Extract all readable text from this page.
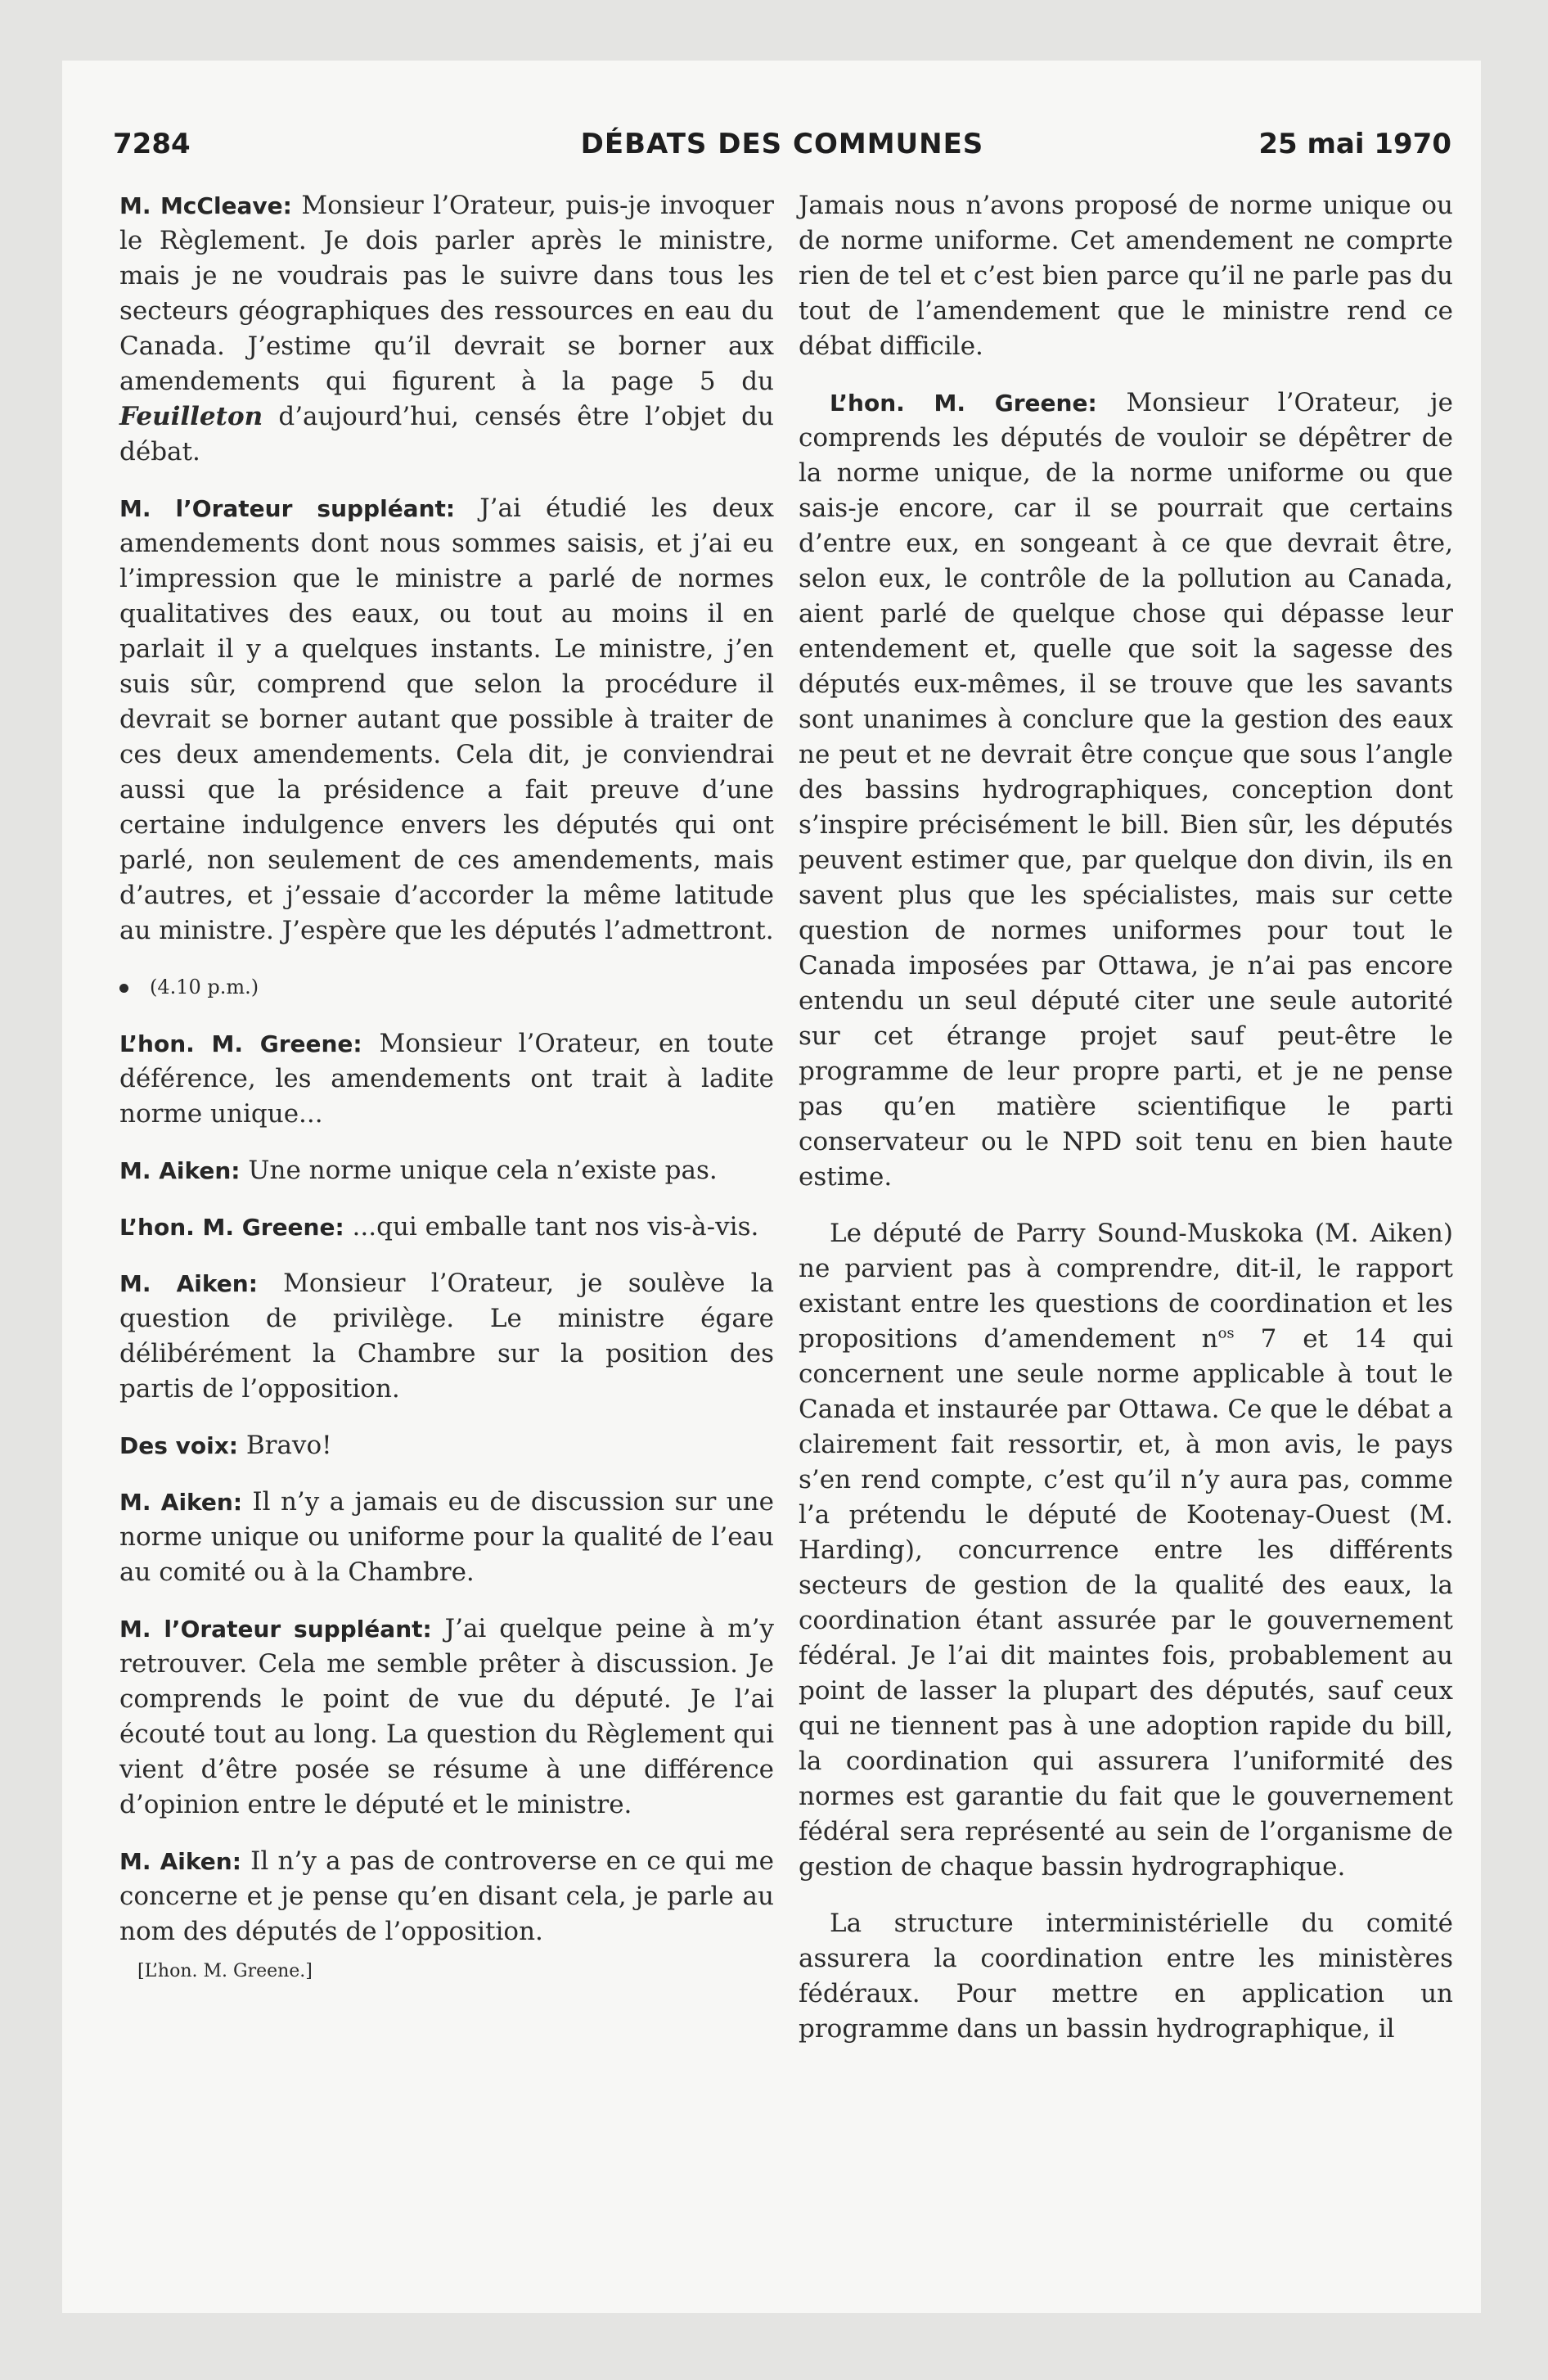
7284	DÉBATS DES COMMUNES	25 mai 1970

M. McCleave: Monsieur l’Orateur, puis-je invoquer le Règlement. Je dois parler après le ministre, mais je ne voudrais pas le suivre dans tous les secteurs géographiques des ressources en eau du Canada. J’estime qu’il devrait se borner aux amendements qui figurent à la page 5 du Feuilleton d’aujourd’hui, censés être l’objet du débat.

M. l’Orateur suppléant: J’ai étudié les deux amendements dont nous sommes saisis, et j’ai eu l’impression que le ministre a parlé de normes qualitatives des eaux, ou tout au moins il en parlait il y a quelques instants. Le ministre, j’en suis sûr, comprend que selon la procédure il devrait se borner autant que possible à traiter de ces deux amendements. Cela dit, je conviendrai aussi que la présidence a fait preuve d’une certaine indulgence envers les députés qui ont parlé, non seulement de ces amendements, mais d’autres, et j’essaie d’accorder la même latitude au ministre. J’espère que les députés l’admettront.

(4.10 p.m.)

L’hon. M. Greene: Monsieur l’Orateur, en toute déférence, les amendements ont trait à ladite norme unique...

M. Aiken: Une norme unique cela n’existe pas.

L’hon. M. Greene: ...qui emballe tant nos vis-à-vis.

M. Aiken: Monsieur l’Orateur, je soulève la question de privilège. Le ministre égare délibérément la Chambre sur la position des partis de l’opposition.

Des voix: Bravo!

M. Aiken: Il n’y a jamais eu de discussion sur une norme unique ou uniforme pour la qualité de l’eau au comité ou à la Chambre.

M. l’Orateur suppléant: J’ai quelque peine à m’y retrouver. Cela me semble prêter à discussion. Je comprends le point de vue du député. Je l’ai écouté tout au long. La question du Règlement qui vient d’être posée se résume à une différence d’opinion entre le député et le ministre.

M. Aiken: Il n’y a pas de controverse en ce qui me concerne et je pense qu’en disant cela, je parle au nom des députés de l’opposition.

[L’hon. M. Greene.]

Jamais nous n’avons proposé de norme unique ou de norme uniforme. Cet amendement ne comprte rien de tel et c’est bien parce qu’il ne parle pas du tout de l’amendement que le ministre rend ce débat difficile.

L’hon. M. Greene: Monsieur l’Orateur, je comprends les députés de vouloir se dépêtrer de la norme unique, de la norme uniforme ou que sais-je encore, car il se pourrait que certains d’entre eux, en songeant à ce que devrait être, selon eux, le contrôle de la pollution au Canada, aient parlé de quelque chose qui dépasse leur entendement et, quelle que soit la sagesse des députés eux-mêmes, il se trouve que les savants sont unanimes à conclure que la gestion des eaux ne peut et ne devrait être conçue que sous l’angle des bassins hydrographiques, conception dont s’inspire précisément le bill. Bien sûr, les députés peuvent estimer que, par quelque don divin, ils en savent plus que les spécialistes, mais sur cette question de normes uniformes pour tout le Canada imposées par Ottawa, je n’ai pas encore entendu un seul député citer une seule autorité sur cet étrange projet sauf peut-être le programme de leur propre parti, et je ne pense pas qu’en matière scientifique le parti conservateur ou le NPD soit tenu en bien haute estime.

Le député de Parry Sound-Muskoka (M. Aiken) ne parvient pas à comprendre, dit-il, le rapport existant entre les questions de coordination et les propositions d’amendement $n^{os}$ 7 et 14 qui concernent une seule norme applicable à tout le Canada et instaurée par Ottawa. Ce que le débat a clairement fait ressortir, et, à mon avis, le pays s’en rend compte, c’est qu’il n’y aura pas, comme l’a prétendu le député de Kootenay-Ouest (M. Harding), concurrence entre les différents secteurs de gestion de la qualité des eaux, la coordination étant assurée par le gouvernement fédéral. Je l’ai dit maintes fois, probablement au point de lasser la plupart des députés, sauf ceux qui ne tiennent pas à une adoption rapide du bill, la coordination qui assurera l’uniformité des normes est garantie du fait que le gouvernement fédéral sera représenté au sein de l’organisme de gestion de chaque bassin hydrographique.

La structure interministérielle du comité assurera la coordination entre les ministères fédéraux. Pour mettre en application un programme dans un bassin hydrographique, il
